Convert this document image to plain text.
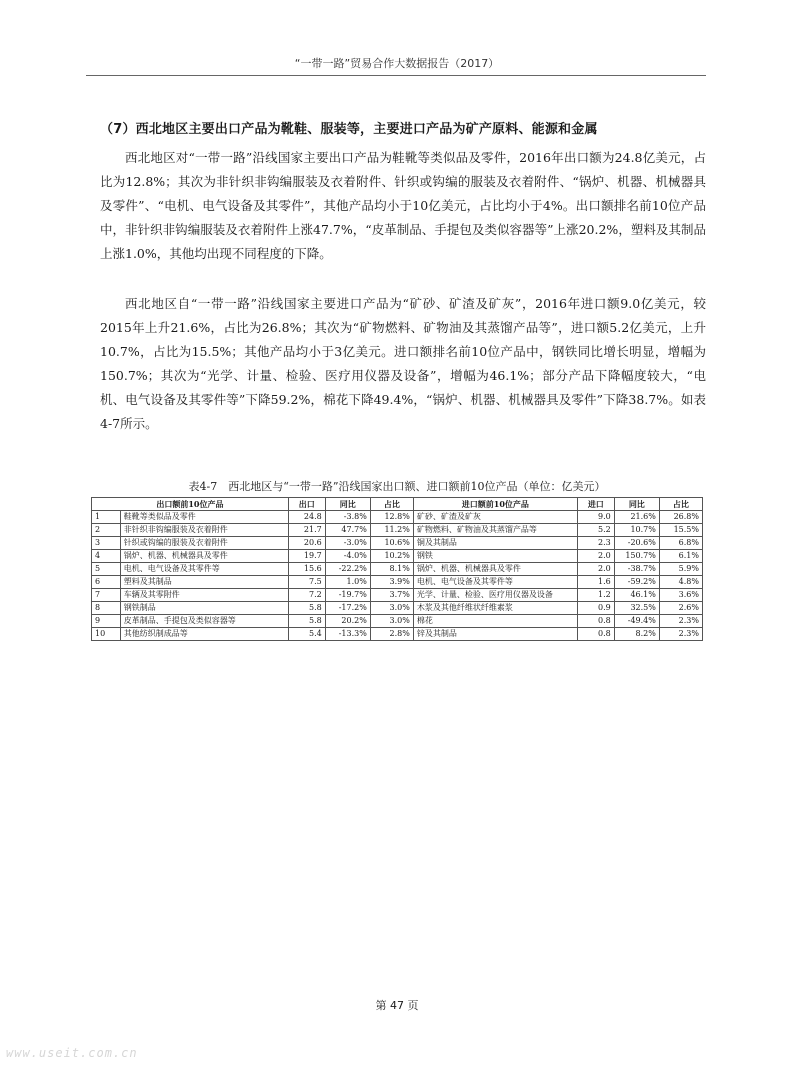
“一带一路”贸易合作大数据报告（2017）
（7）西北地区主要出口产品为靴鞋、服装等，主要进口产品为矿产原料、能源和金属

西北地区对“一带一路”沿线国家主要出口产品为鞋靴等类似品及零件，2016年出口额为24.8亿美元，占比为12.8%；其次为非针织非钩编服装及衣着附件、针织或钩编的服装及衣着附件、“锅炉、机器、机械器具及零件”、“电机、电气设备及其零件”，其他产品均小于10亿美元，占比均小于4%。出口额排名前10位产品中，非针织非钩编服装及衣着附件上涨47.7%，“皮革制品、手提包及类似容器等”上涨20.2%，塑料及其制品上涨1.0%，其他均出现不同程度的下降。

西北地区自“一带一路”沿线国家主要进口产品为“矿砂、矿渣及矿灰”，2016年进口额9.0亿美元，较2015年上升21.6%，占比为26.8%；其次为“矿物燃料、矿物油及其蒸馏产品等”，进口额5.2亿美元，上升10.7%，占比为15.5%；其他产品均小于3亿美元。进口额排名前10位产品中，钢铁同比增长明显，增幅为150.7%；其次为“光学、计量、检验、医疗用仪器及设备”，增幅为46.1%；部分产品下降幅度较大，“电机、电气设备及其零件等”下降59.2%，棉花下降49.4%，“锅炉、机器、机械器具及零件”下降38.7%。如表4-7所示。

表4-7　西北地区与“一带一路”沿线国家出口额、进口额前10位产品（单位：亿美元）
出口额前10位产品		出口	同比	占比	进口额前10位产品	进口	同比	占比
1	鞋靴等类似品及零件	24.8	-3.8%	12.8%	矿砂、矿渣及矿灰	9.0	21.6%	26.8%
2	非针织非钩编服装及衣着附件	21.7	47.7%	11.2%	矿物燃料、矿物油及其蒸馏产品等	5.2	10.7%	15.5%
3	针织或钩编的服装及衣着附件	20.6	-3.0%	10.6%	铜及其制品	2.3	-20.6%	6.8%
4	锅炉、机器、机械器具及零件	19.7	-4.0%	10.2%	钢铁	2.0	150.7%	6.1%
5	电机、电气设备及其零件等	15.6	-22.2%	8.1%	锅炉、机器、机械器具及零件	2.0	-38.7%	5.9%
6	塑料及其制品	7.5	1.0%	3.9%	电机、电气设备及其零件等	1.6	-59.2%	4.8%
7	车辆及其零附件	7.2	-19.7%	3.7%	光学、计量、检验、医疗用仪器及设备	1.2	46.1%	3.6%
8	钢铁制品	5.8	-17.2%	3.0%	木浆及其他纤维状纤维素浆	0.9	32.5%	2.6%
9	皮革制品、手提包及类似容器等	5.8	20.2%	3.0%	棉花	0.8	-49.4%	2.3%
10	其他纺织制成品等	5.4	-13.3%	2.8%	锌及其制品	0.8	8.2%	2.3%
第 47 页
www.useit.com.cn
